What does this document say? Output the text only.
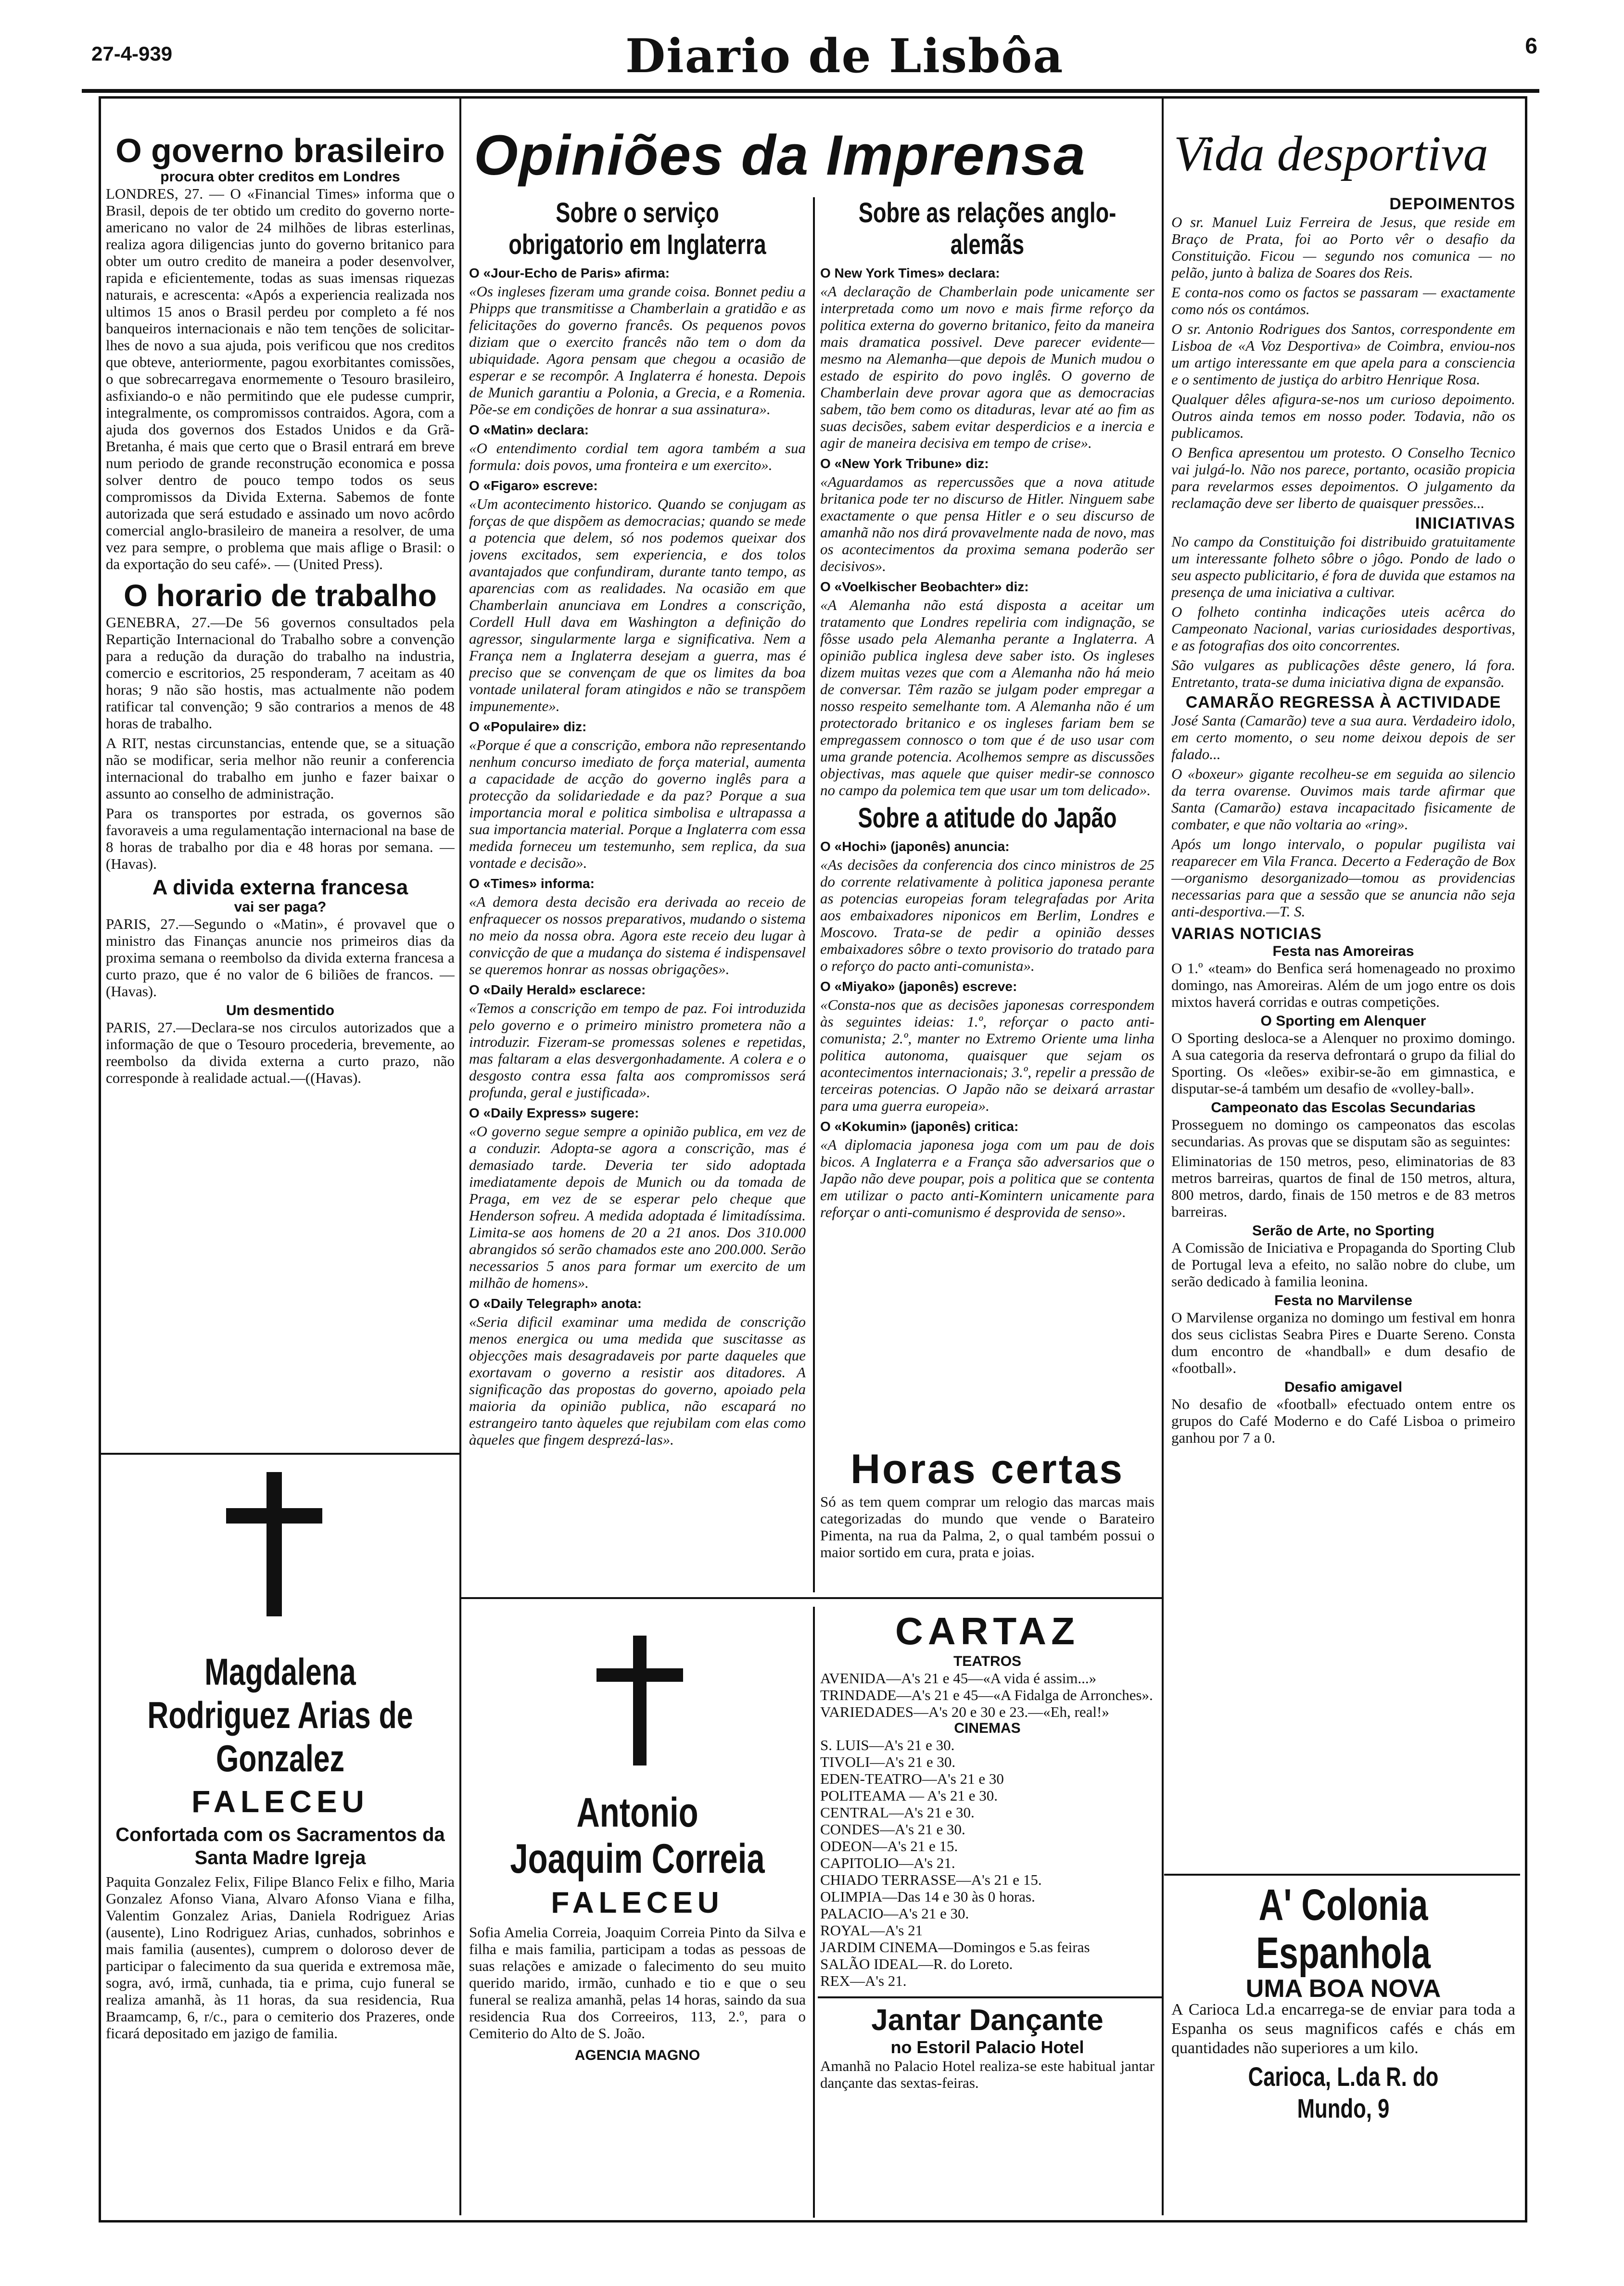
27-4-939	Diario de Lisbôa	6
O governo brasileiro
procura obter creditos em Londres

LONDRES, 27. — O «Financial Times» informa que o Brasil, depois de ter obtido um credito do governo norte-americano no valor de 24 milhões de libras esterlinas, realiza agora diligencias junto do governo britanico para obter um outro credito de maneira a poder desenvolver, rapida e eficientemente, todas as suas imensas riquezas naturais, e acrescenta: «Após a experiencia realizada nos ultimos 15 anos o Brasil perdeu por completo a fé nos banqueiros internacionais e não tem tenções de solicitar-lhes de novo a sua ajuda, pois verificou que nos creditos que obteve, anteriormente, pagou exorbitantes comissões, o que sobrecarregava enormemente o Tesouro brasileiro, asfixiando-o e não permitindo que ele pudesse cumprir, integralmente, os compromissos contraidos. Agora, com a ajuda dos governos dos Estados Unidos e da Grã-Bretanha, é mais que certo que o Brasil entrará em breve num periodo de grande reconstrução economica e possa solver dentro de pouco tempo todos os seus compromissos da Divida Externa. Sabemos de fonte autorizada que será estudado e assinado um novo acôrdo comercial anglo-brasileiro de maneira a resolver, de uma vez para sempre, o problema que mais aflige o Brasil: o da exportação do seu café». — (United Press).

O horario de trabalho

GENEBRA, 27.—De 56 governos consultados pela Repartição Internacional do Trabalho sobre a convenção para a redução da duração do trabalho na industria, comercio e escritorios, 25 responderam, 7 aceitam as 40 horas; 9 não são hostis, mas actualmente não podem ratificar tal convenção; 9 são contrarios a menos de 48 horas de trabalho.

A RIT, nestas circunstancias, entende que, se a situação não se modificar, seria melhor não reunir a conferencia internacional do trabalho em junho e fazer baixar o assunto ao conselho de administração.

Para os transportes por estrada, os governos são favoraveis a uma regulamentação internacional na base de 8 horas de trabalho por dia e 48 horas por semana. —(Havas).

A divida externa francesa
vai ser paga?

PARIS, 27.—Segundo o «Matin», é provavel que o ministro das Finanças anuncie nos primeiros dias da proxima semana o reembolso da divida externa francesa a curto prazo, que é no valor de 6 biliões de francos. — (Havas).

Um desmentido

PARIS, 27.—Declara-se nos circulos autorizados que a informação de que o Tesouro procederia, brevemente, ao reembolso da divida externa a curto prazo, não corresponde à realidade actual.—((Havas).

Magdalena Rodriguez Arias de Gonzalez
FALECEU
Confortada com os Sacramentos da Santa Madre Igreja

Paquita Gonzalez Felix, Filipe Blanco Felix e filho, Maria Gonzalez Afonso Viana, Alvaro Afonso Viana e filha, Valentim Gonzalez Arias, Daniela Rodriguez Arias (ausente), Lino Rodriguez Arias, cunhados, sobrinhos e mais familia (ausentes), cumprem o doloroso dever de participar o falecimento da sua querida e extremosa mãe, sogra, avó, irmã, cunhada, tia e prima, cujo funeral se realiza amanhã, às 11 horas, da sua residencia, Rua Braamcamp, 6, r/c., para o cemiterio dos Prazeres, onde ficará depositado em jazigo de familia.

Opiniões da Imprensa
Sobre o serviço obrigatorio em Inglaterra
O «Jour-Echo de Paris» afirma:

«Os ingleses fizeram uma grande coisa. Bonnet pediu a Phipps que transmitisse a Chamberlain a gratidão e as felicitações do governo francês. Os pequenos povos diziam que o exercito francês não tem o dom da ubiquidade. Agora pensam que chegou a ocasião de esperar e se recompôr. A Inglaterra é honesta. Depois de Munich garantiu a Polonia, a Grecia, e a Romenia. Põe-se em condições de honrar a sua assinatura».

O «Matin» declara:

«O entendimento cordial tem agora também a sua formula: dois povos, uma fronteira e um exercito».

O «Figaro» escreve:

«Um acontecimento historico. Quando se conjugam as forças de que dispõem as democracias; quando se mede a potencia que delem, só nos podemos queixar dos jovens excitados, sem experiencia, e dos tolos avantajados que confundiram, durante tanto tempo, as aparencias com as realidades. Na ocasião em que Chamberlain anunciava em Londres a conscrição, Cordell Hull dava em Washington a definição do agressor, singularmente larga e significativa. Nem a França nem a Inglaterra desejam a guerra, mas é preciso que se convençam de que os limites da boa vontade unilateral foram atingidos e não se transpõem impunemente».

O «Populaire» diz:

«Porque é que a conscrição, embora não representando nenhum concurso imediato de força material, aumenta a capacidade de acção do governo inglês para a protecção da solidariedade e da paz? Porque a sua importancia moral e politica simbolisa e ultrapassa a sua importancia material. Porque a Inglaterra com essa medida forneceu um testemunho, sem replica, da sua vontade e decisão».

O «Times» informa:

«A demora desta decisão era derivada ao receio de enfraquecer os nossos preparativos, mudando o sistema no meio da nossa obra. Agora este receio deu lugar à convicção de que a mudança do sistema é indispensavel se queremos honrar as nossas obrigações».

O «Daily Herald» esclarece:

«Temos a conscrição em tempo de paz. Foi introduzida pelo governo e o primeiro ministro prometera não a introduzir. Fizeram-se promessas solenes e repetidas, mas faltaram a elas desvergonhadamente. A colera e o desgosto contra essa falta aos compromissos será profunda, geral e justificada».

O «Daily Express» sugere:

«O governo segue sempre a opinião publica, em vez de a conduzir. Adopta-se agora a conscrição, mas é demasiado tarde. Deveria ter sido adoptada imediatamente depois de Munich ou da tomada de Praga, em vez de se esperar pelo cheque que Henderson sofreu. A medida adoptada é limitadíssima. Limita-se aos homens de 20 a 21 anos. Dos 310.000 abrangidos só serão chamados este ano 200.000. Serão necessarios 5 anos para formar um exercito de um milhão de homens».

O «Daily Telegraph» anota:

«Seria dificil examinar uma medida de conscrição menos energica ou uma medida que suscitasse as objecções mais desagradaveis por parte daqueles que exortavam o governo a resistir aos ditadores. A significação das propostas do governo, apoiado pela maioria da opinião publica, não escapará no estrangeiro tanto àqueles que rejubilam com elas como àqueles que fingem desprezá-las».

Sobre as relações anglo-alemãs
O New York Times» declara:

«A declaração de Chamberlain pode unicamente ser interpretada como um novo e mais firme reforço da politica externa do governo britanico, feito da maneira mais dramatica possivel. Deve parecer evidente—mesmo na Alemanha—que depois de Munich mudou o estado de espirito do povo inglês. O governo de Chamberlain deve provar agora que as democracias sabem, tão bem como os ditaduras, levar até ao fim as suas decisões, sabem evitar desperdicios e a inercia e agir de maneira decisiva em tempo de crise».

O «New York Tribune» diz:

«Aguardamos as repercussões que a nova atitude britanica pode ter no discurso de Hitler. Ninguem sabe exactamente o que pensa Hitler e o seu discurso de amanhã não nos dirá provavelmente nada de novo, mas os acontecimentos da proxima semana poderão ser decisivos».

O «Voelkischer Beobachter» diz:

«A Alemanha não está disposta a aceitar um tratamento que Londres repeliria com indignação, se fôsse usado pela Alemanha perante a Inglaterra. A opinião publica inglesa deve saber isto. Os ingleses dizem muitas vezes que com a Alemanha não há meio de conversar. Têm razão se julgam poder empregar a nosso respeito semelhante tom. A Alemanha não é um protectorado britanico e os ingleses fariam bem se empregassem connosco o tom que é de uso usar com uma grande potencia. Acolhemos sempre as discussões objectivas, mas aquele que quiser medir-se connosco no campo da polemica tem que usar um tom delicado».

Sobre a atitude do Japão
O «Hochi» (japonês) anuncia:

«As decisões da conferencia dos cinco ministros de 25 do corrente relativamente à politica japonesa perante as potencias europeias foram telegrafadas por Arita aos embaixadores niponicos em Berlim, Londres e Moscovo. Trata-se de pedir a opinião desses embaixadores sôbre o texto provisorio do tratado para o reforço do pacto anti-comunista».

O «Miyako» (japonês) escreve:

«Consta-nos que as decisões japonesas correspondem às seguintes ideias: 1.º, reforçar o pacto anti-comunista; 2.º, manter no Extremo Oriente uma linha politica autonoma, quaisquer que sejam os acontecimentos internacionais; 3.º, repelir a pressão de terceiras potencias. O Japão não se deixará arrastar para uma guerra europeia».

O «Kokumin» (japonês) critica:

«A diplomacia japonesa joga com um pau de dois bicos. A Inglaterra e a França são adversarios que o Japão não deve poupar, pois a politica que se contenta em utilizar o pacto anti-Komintern unicamente para reforçar o anti-comunismo é desprovida de senso».

Horas certas

Só as tem quem comprar um relogio das marcas mais categorizadas do mundo que vende o Barateiro Pimenta, na rua da Palma, 2, o qual também possui o maior sortido em cura, prata e joias.

Antonio Joaquim Correia
FALECEU

Sofia Amelia Correia, Joaquim Correia Pinto da Silva e filha e mais familia, participam a todas as pessoas de suas relações e amizade o falecimento do seu muito querido marido, irmão, cunhado e tio e que o seu funeral se realiza amanhã, pelas 14 horas, saindo da sua residencia Rua dos Correeiros, 113, 2.º, para o Cemiterio do Alto de S. João.

AGENCIA MAGNO
CARTAZ
TEATROS
AVENIDA—A's 21 e 45—«A vida é assim...»
TRINDADE—A's 21 e 45—«A Fidalga de Arronches».
VARIEDADES—A's 20 e 30 e 23.—«Eh, real!»
CINEMAS
S. LUIS—A's 21 e 30.
TIVOLI—A's 21 e 30.
EDEN-TEATRO—A's 21 e 30
POLITEAMA — A's 21 e 30.
CENTRAL—A's 21 e 30.
CONDES—A's 21 e 30.
ODEON—A's 21 e 15.
CAPITOLIO—A's 21.
CHIADO TERRASSE—A's 21 e 15.
OLIMPIA—Das 14 e 30 às 0 horas.
PALACIO—A's 21 e 30.
ROYAL—A's 21
JARDIM CINEMA—Domingos e 5.as feiras
SALÃO IDEAL—R. do Loreto.
REX—A's 21.
Jantar Dançante
no Estoril Palacio Hotel

Amanhã no Palacio Hotel realiza-se este habitual jantar dançante das sextas-feiras.

Vida desportiva
DEPOIMENTOS

O sr. Manuel Luiz Ferreira de Jesus, que reside em Braço de Prata, foi ao Porto vêr o desafio da Constituição. Ficou — segundo nos comunica — no pelão, junto à baliza de Soares dos Reis.

E conta-nos como os factos se passaram — exactamente como nós os contámos.

O sr. Antonio Rodrigues dos Santos, correspondente em Lisboa de «A Voz Desportiva» de Coimbra, enviou-nos um artigo interessante em que apela para a consciencia e o sentimento de justiça do arbitro Henrique Rosa.

Qualquer dêles afigura-se-nos um curioso depoimento. Outros ainda temos em nosso poder. Todavia, não os publicamos.

O Benfica apresentou um protesto. O Conselho Tecnico vai julgá-lo. Não nos parece, portanto, ocasião propicia para revelarmos esses depoimentos. O julgamento da reclamação deve ser liberto de quaisquer pressões...

INICIATIVAS

No campo da Constituição foi distribuido gratuitamente um interessante folheto sôbre o jôgo. Pondo de lado o seu aspecto publicitario, é fora de duvida que estamos na presença de uma iniciativa a cultivar.

O folheto continha indicações uteis acêrca do Campeonato Nacional, varias curiosidades desportivas, e as fotografias dos oito concorrentes.

São vulgares as publicações dêste genero, lá fora. Entretanto, trata-se duma iniciativa digna de expansão.

CAMARÃO REGRESSA À ACTIVIDADE

José Santa (Camarão) teve a sua aura. Verdadeiro idolo, em certo momento, o seu nome deixou depois de ser falado...

O «boxeur» gigante recolheu-se em seguida ao silencio da terra ovarense. Ouvimos mais tarde afirmar que Santa (Camarão) estava incapacitado fisicamente de combater, e que não voltaria ao «ring».

Após um longo intervalo, o popular pugilista vai reaparecer em Vila Franca. Decerto a Federação de Box—organismo desorganizado—tomou as providencias necessarias para que a sessão que se anuncia não seja anti-desportiva.—T. S.

VARIAS NOTICIAS
Festa nas Amoreiras

O 1.º «team» do Benfica será homenageado no proximo domingo, nas Amoreiras. Além de um jogo entre os dois mixtos haverá corridas e outras competições.

O Sporting em Alenquer

O Sporting desloca-se a Alenquer no proximo domingo. A sua categoria da reserva defrontará o grupo da filial do Sporting. Os «leões» exibir-se-ão em gimnastica, e disputar-se-á também um desafio de «volley-ball».

Campeonato das Escolas Secundarias

Prosseguem no domingo os campeonatos das escolas secundarias. As provas que se disputam são as seguintes:

Eliminatorias de 150 metros, peso, eliminatorias de 83 metros barreiras, quartos de final de 150 metros, altura, 800 metros, dardo, finais de 150 metros e de 83 metros barreiras.

Serão de Arte, no Sporting

A Comissão de Iniciativa e Propaganda do Sporting Club de Portugal leva a efeito, no salão nobre do clube, um serão dedicado à familia leonina.

Festa no Marvilense

O Marvilense organiza no domingo um festival em honra dos seus ciclistas Seabra Pires e Duarte Sereno. Consta dum encontro de «handball» e dum desafio de «football».

Desafio amigavel

No desafio de «football» efectuado ontem entre os grupos do Café Moderno e do Café Lisboa o primeiro ganhou por 7 a 0.

A' Colonia Espanhola
UMA BOA NOVA

A Carioca Ld.a encarrega-se de enviar para toda a Espanha os seus magnificos cafés e chás em quantidades não superiores a um kilo.

Carioca, L.da R. do Mundo, 9
